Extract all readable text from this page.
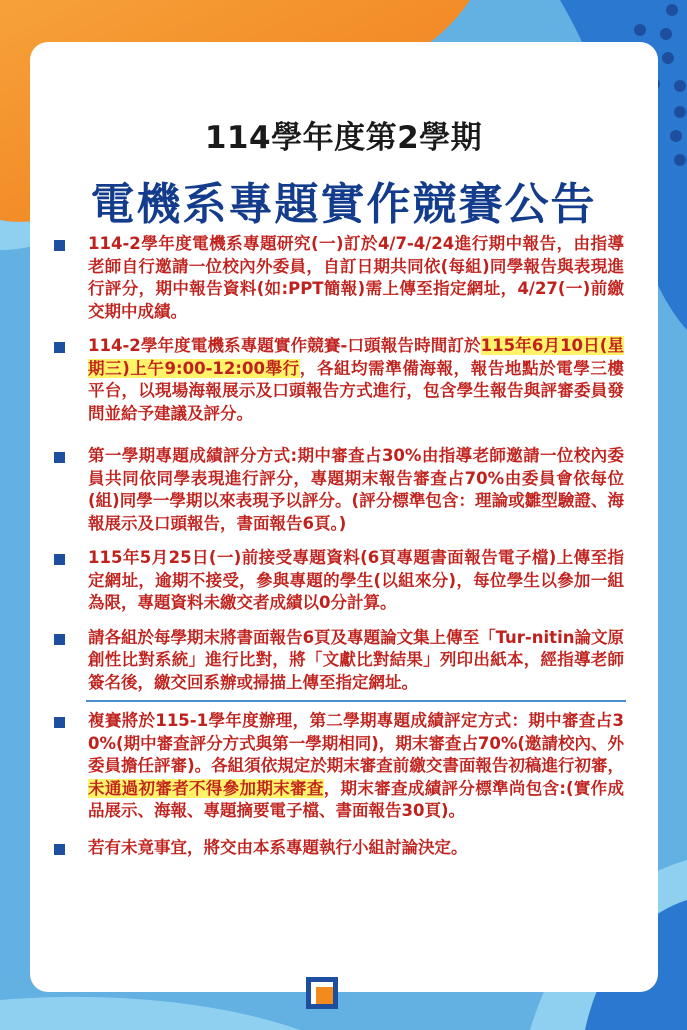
114學年度第2學期
電機系專題實作競賽公告
114-2學年度電機系專題研究(一)訂於4/7-4/24進行期中報告，由指導老師自行邀請一位校內外委員，自訂日期共同依(每組)同學報告與表現進行評分，期中報告資料(如:PPT簡報)需上傳至指定網址，4/27(一)前繳交期中成績。
114-2學年度電機系專題實作競賽-口頭報告時間訂於115年6月10日(星期三)上午9:00-12:00舉行，各組均需準備海報，報告地點於電學三樓平台，以現場海報展示及口頭報告方式進行，包含學生報告與評審委員發問並給予建議及評分。
第一學期專題成績評分方式:期中審查占30%由指導老師邀請一位校內委員共同依同學表現進行評分，專題期末報告審查占70%由委員會依每位(組)同學一學期以來表現予以評分。(評分標準包含：理論或雛型驗證、海報展示及口頭報告，書面報告6頁。)
115年5月25日(一)前接受專題資料(6頁專題書面報告電子檔)上傳至指定網址，逾期不接受，參與專題的學生(以組來分)，每位學生以參加一組為限，專題資料未繳交者成績以0分計算。
請各組於每學期末將書面報告6頁及專題論文集上傳至「Tur-nitin論文原創性比對系統」進行比對，將「文獻比對結果」列印出紙本，經指導老師簽名後，繳交回系辦或掃描上傳至指定網址。
複賽將於115-1學年度辦理，第二學期專題成績評定方式：期中審查占30%(期中審查評分方式與第一學期相同)，期末審查占70%(邀請校內、外委員擔任評審)。各組須依規定於期末審查前繳交書面報告初稿進行初審，未通過初審者不得參加期末審查，期末審查成績評分標準尚包含:(實作成品展示、海報、專題摘要電子檔、書面報告30頁)。
若有未竟事宜，將交由本系專題執行小組討論決定。
